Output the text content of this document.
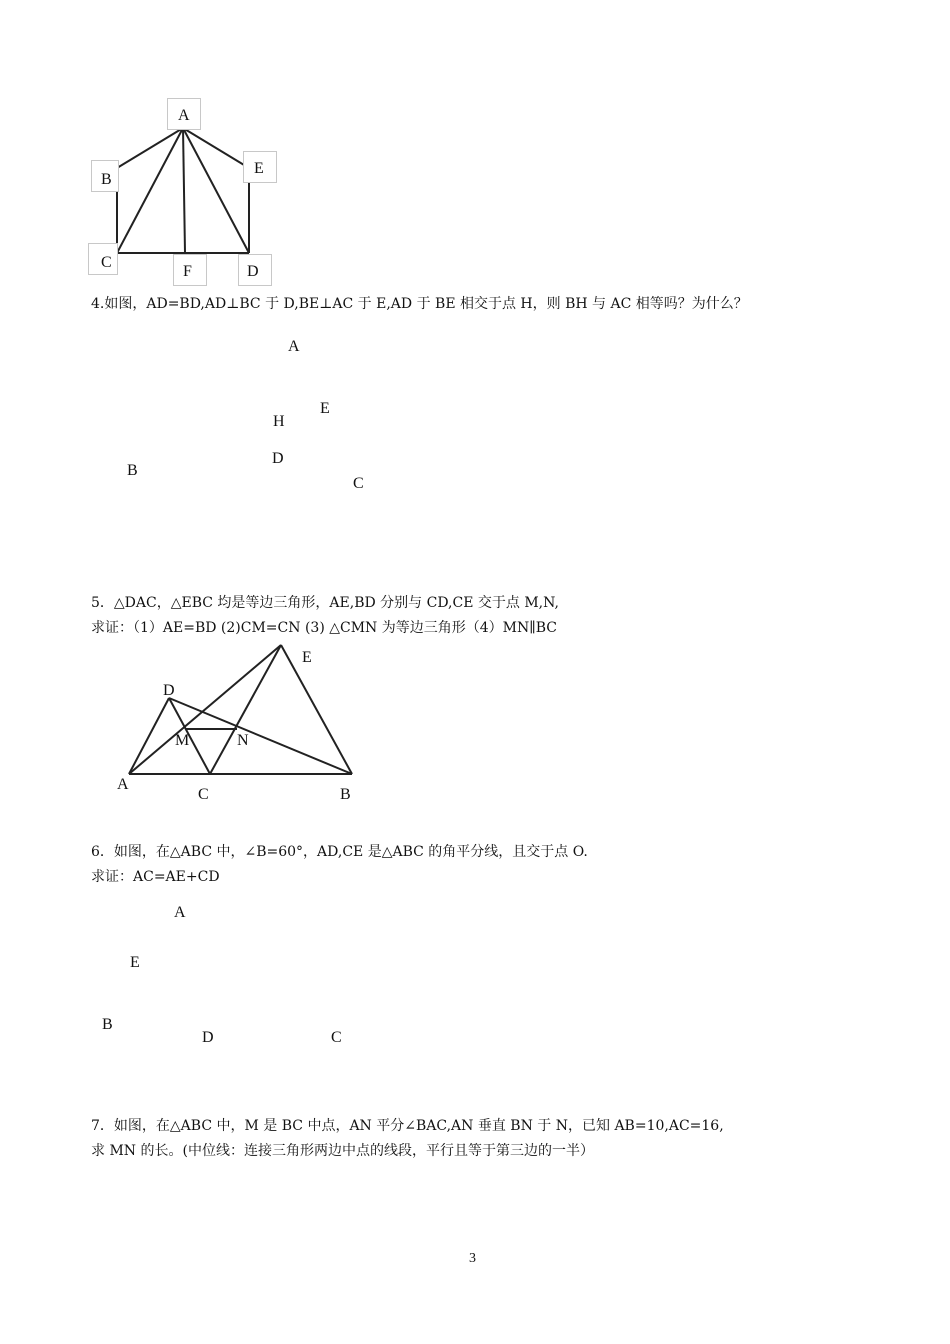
A
B
E
C
F	D
4.如图，AD=BD,AD⊥BC 于 D,BE⊥AC 于 E,AD 于 BE 相交于点 H，则 BH 与 AC 相等吗？为什么？
A
E
H
D
B
C
5．△DAC，△EBC 均是等边三角形，AE,BD 分别与 CD,CE 交于点 M,N,
求证：（1）AE=BD (2)CM=CN (3) △CMN 为等边三角形（4）MN∥BC
D
E
M	N
A
C	B
6．如图，在△ABC 中，∠B=60°，AD,CE 是△ABC 的角平分线，且交于点 O.
求证：AC=AE+CD
A
E
B
D	C
7．如图，在△ABC 中，M 是 BC 中点，AN 平分∠BAC,AN 垂直 BN 于 N，已知 AB=10,AC=16,
求 MN 的长。(中位线：连接三角形两边中点的线段，平行且等于第三边的一半）
3
